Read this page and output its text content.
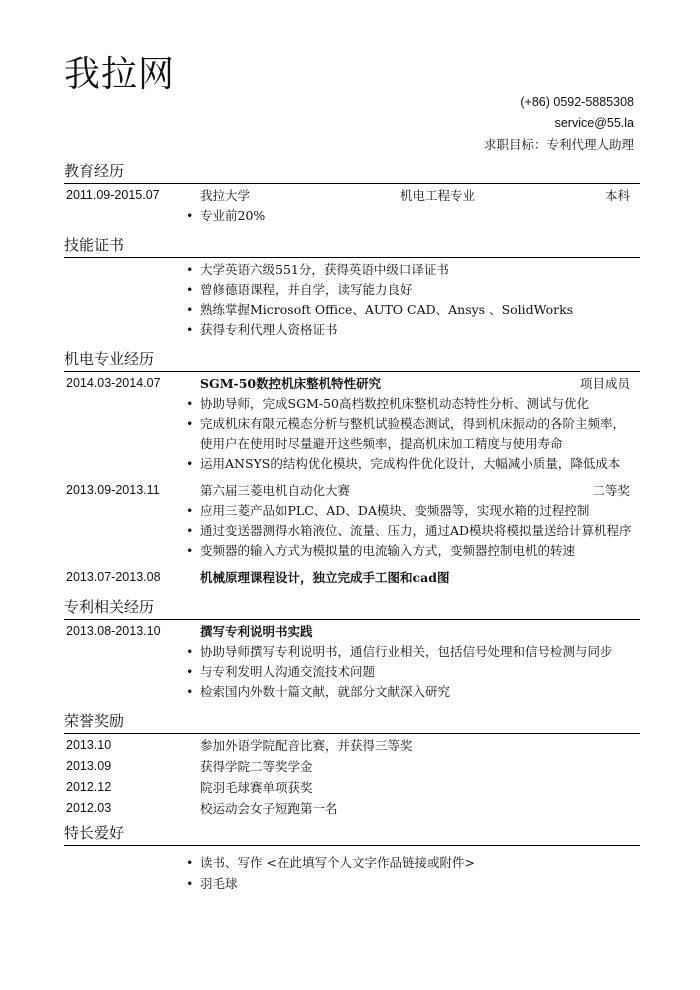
我拉网
(+86) 0592-5885308
service@55.la
求职目标：专利代理人助理
教育经历
2011.09-2015.07	我拉大学	机电工程专业	本科
• 专业前20%
技能证书
• 大学英语六级551分，获得英语中级口译证书
• 曾修德语课程，并自学，读写能力良好
• 熟练掌握Microsoft Office、AUTO CAD、Ansys 、SolidWorks
• 获得专利代理人资格证书
机电专业经历
2014.03-2014.07	SGM-50数控机床整机特性研究	项目成员
• 协助导师，完成SGM-50高档数控机床整机动态特性分析、测试与优化
• 完成机床有限元模态分析与整机试验模态测试，得到机床振动的各阶主频率，使用户在使用时尽量避开这些频率，提高机床加工精度与使用寿命
• 运用ANSYS的结构优化模块，完成构件优化设计，大幅减小质量，降低成本
2013.09-2013.11	第六届三菱电机自动化大赛	二等奖
• 应用三菱产品如PLC、AD、DA模块、变频器等，实现水箱的过程控制
• 通过变送器测得水箱液位、流量、压力，通过AD模块将模拟量送给计算机程序
• 变频器的输入方式为模拟量的电流输入方式，变频器控制电机的转速
2013.07-2013.08	机械原理课程设计，独立完成手工图和cad图
专利相关经历
2013.08-2013.10	撰写专利说明书实践
• 协助导师撰写专利说明书，通信行业相关，包括信号处理和信号检测与同步
• 与专利发明人沟通交流技术问题
• 检索国内外数十篇文献，就部分文献深入研究
荣誉奖励
2013.10	参加外语学院配音比赛，并获得三等奖
2013.09	获得学院二等奖学金
2012.12	院羽毛球赛单项获奖
2012.03	校运动会女子短跑第一名
特长爱好
• 读书、写作 <在此填写个人文字作品链接或附件>
• 羽毛球
